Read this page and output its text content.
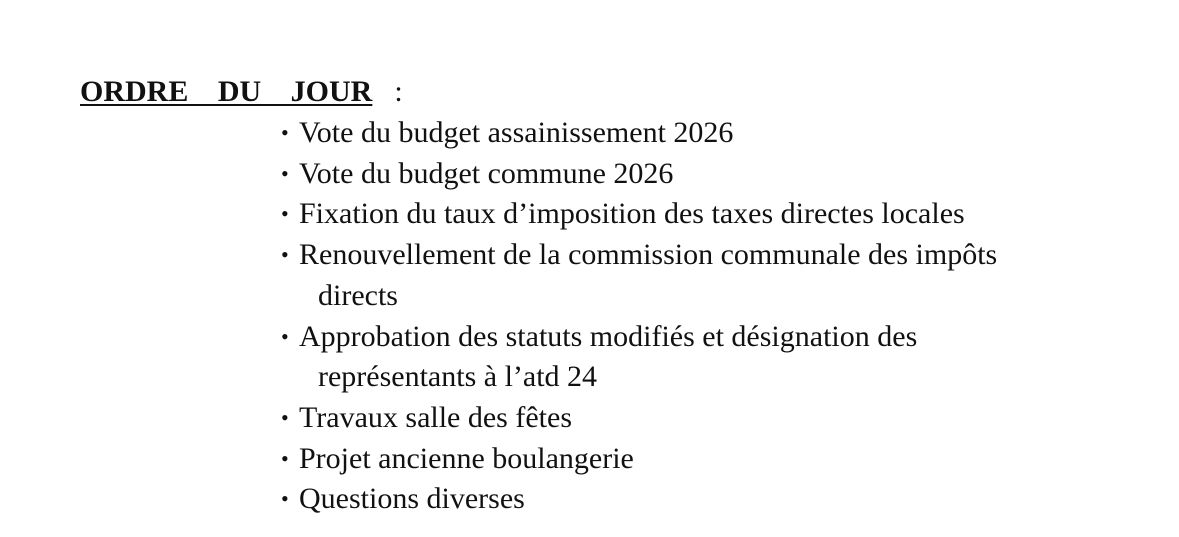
ORDRE DU JOUR :
• Vote du budget assainissement 2026
• Vote du budget commune 2026
• Fixation du taux d’imposition des taxes directes locales
• Renouvellement de la commission communale des impôts
directs
• Approbation des statuts modifiés et désignation des
représentants à l’atd 24
• Travaux salle des fêtes
• Projet ancienne boulangerie
• Questions diverses
